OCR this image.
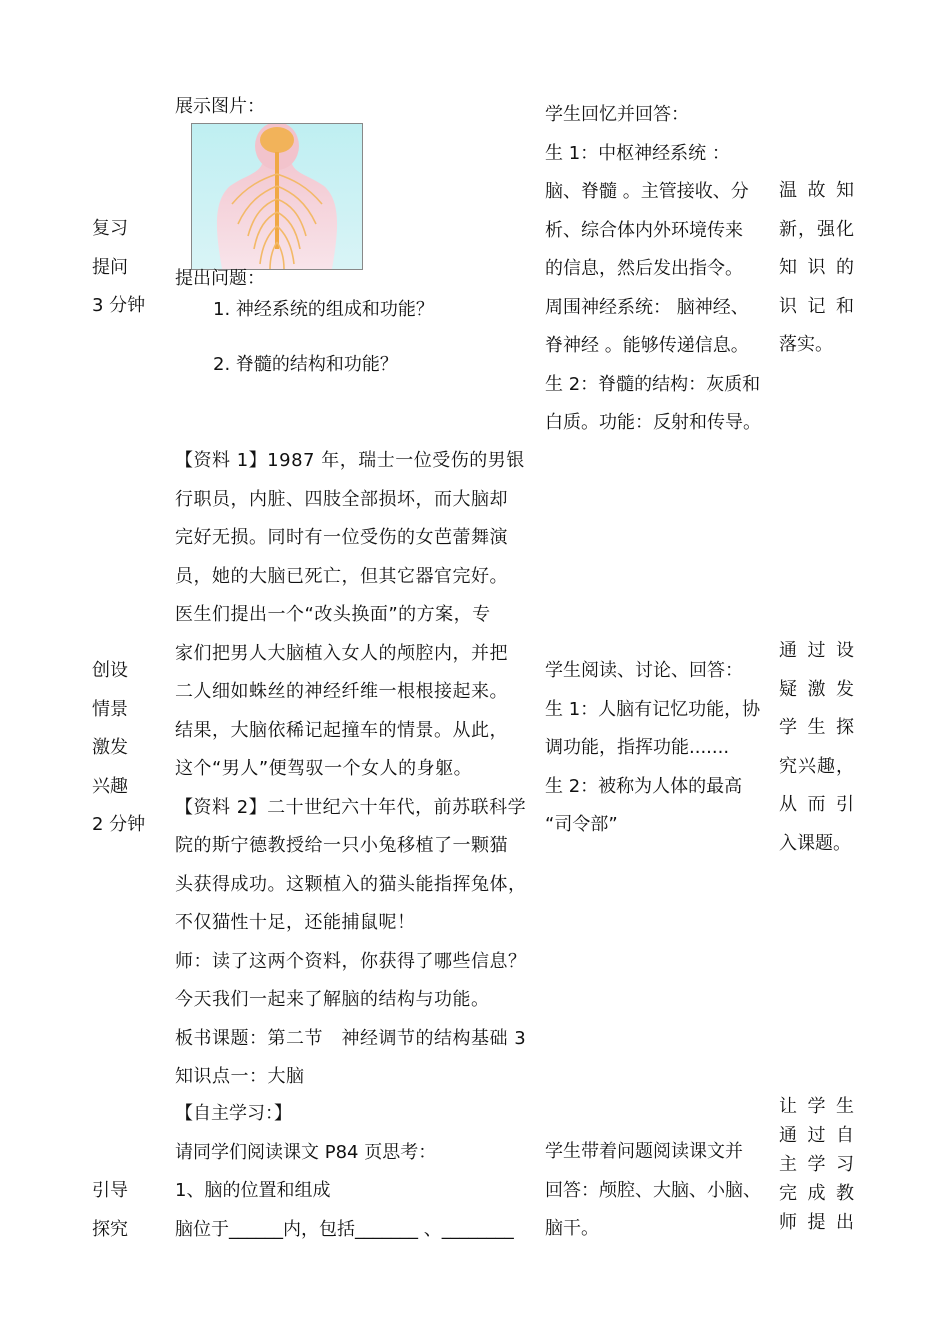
复习
提问
3 分钟
展示图片：
提出问题：
1. 神经系统的组成和功能？
2. 脊髓的结构和功能？
学生回忆并回答：
生 1：中枢神经系统 ：
脑、脊髓 。主管接收、分
析、综合体内外环境传来
的信息，然后发出指令。
周围神经系统： 脑神经、
脊神经 。能够传递信息。
生 2：脊髓的结构：灰质和
白质。功能：反射和传导。
温故知
新，强化
知识的
识记和
落实。
创设
情景
激发
兴趣
2 分钟
【资料 1】1987 年，瑞士一位受伤的男银
行职员，内脏、四肢全部损坏，而大脑却
完好无损。同时有一位受伤的女芭蕾舞演
员，她的大脑已死亡，但其它器官完好。
医生们提出一个“改头换面”的方案，专
家们把男人大脑植入女人的颅腔内，并把
二人细如蛛丝的神经纤维一根根接起来。
结果，大脑依稀记起撞车的情景。从此，
这个“男人”便驾驭一个女人的身躯。
【资料 2】二十世纪六十年代，前苏联科学
院的斯宁德教授给一只小兔移植了一颗猫
头获得成功。这颗植入的猫头能指挥兔体，
不仅猫性十足，还能捕鼠呢！
师：读了这两个资料，你获得了哪些信息？
今天我们一起来了解脑的结构与功能。
板书课题：第二节　神经调节的结构基础 3
知识点一：大脑
学生阅读、讨论、回答：
生 1：人脑有记忆功能，协
调功能，指挥功能.......
生 2：被称为人体的最高
“司令部”
通过设
疑激发
学生探
究兴趣，
从而引
入课题。
引导
探究
【自主学习：】
请同学们阅读课文 P84 页思考：
1、脑的位置和组成
脑位于______内，包括_______ 、________
学生带着问题阅读课文并
回答：颅腔、大脑、小脑、
脑干。
让学生
通过自
主学习
完成教
师提出
